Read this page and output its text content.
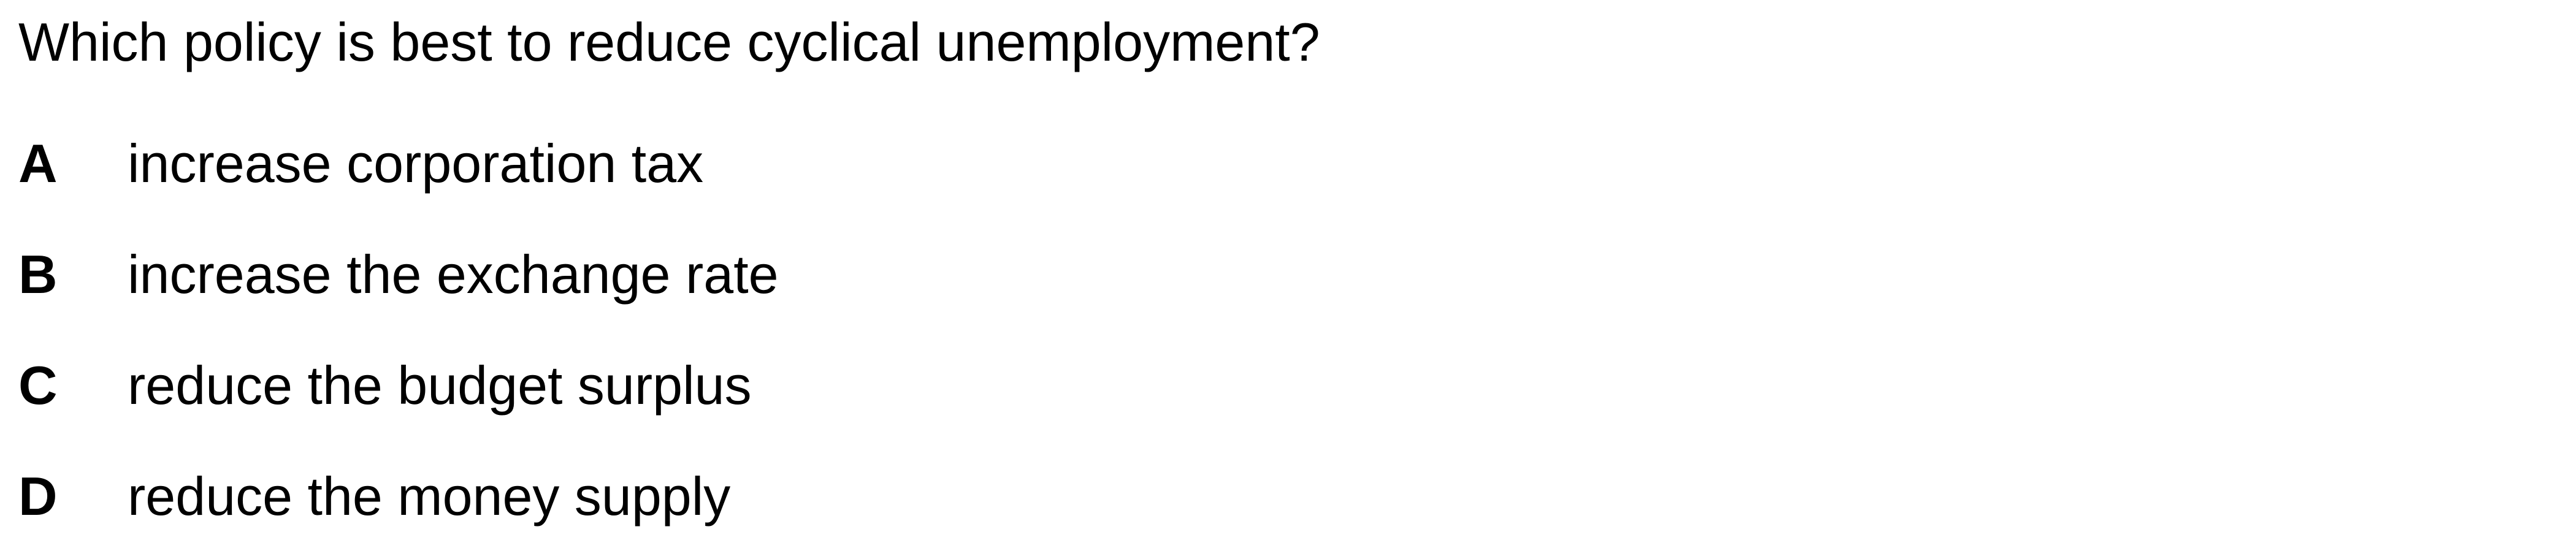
Which policy is best to reduce cyclical unemployment?
A	increase corporation tax
B	increase the exchange rate
C	reduce the budget surplus
D	reduce the money supply
